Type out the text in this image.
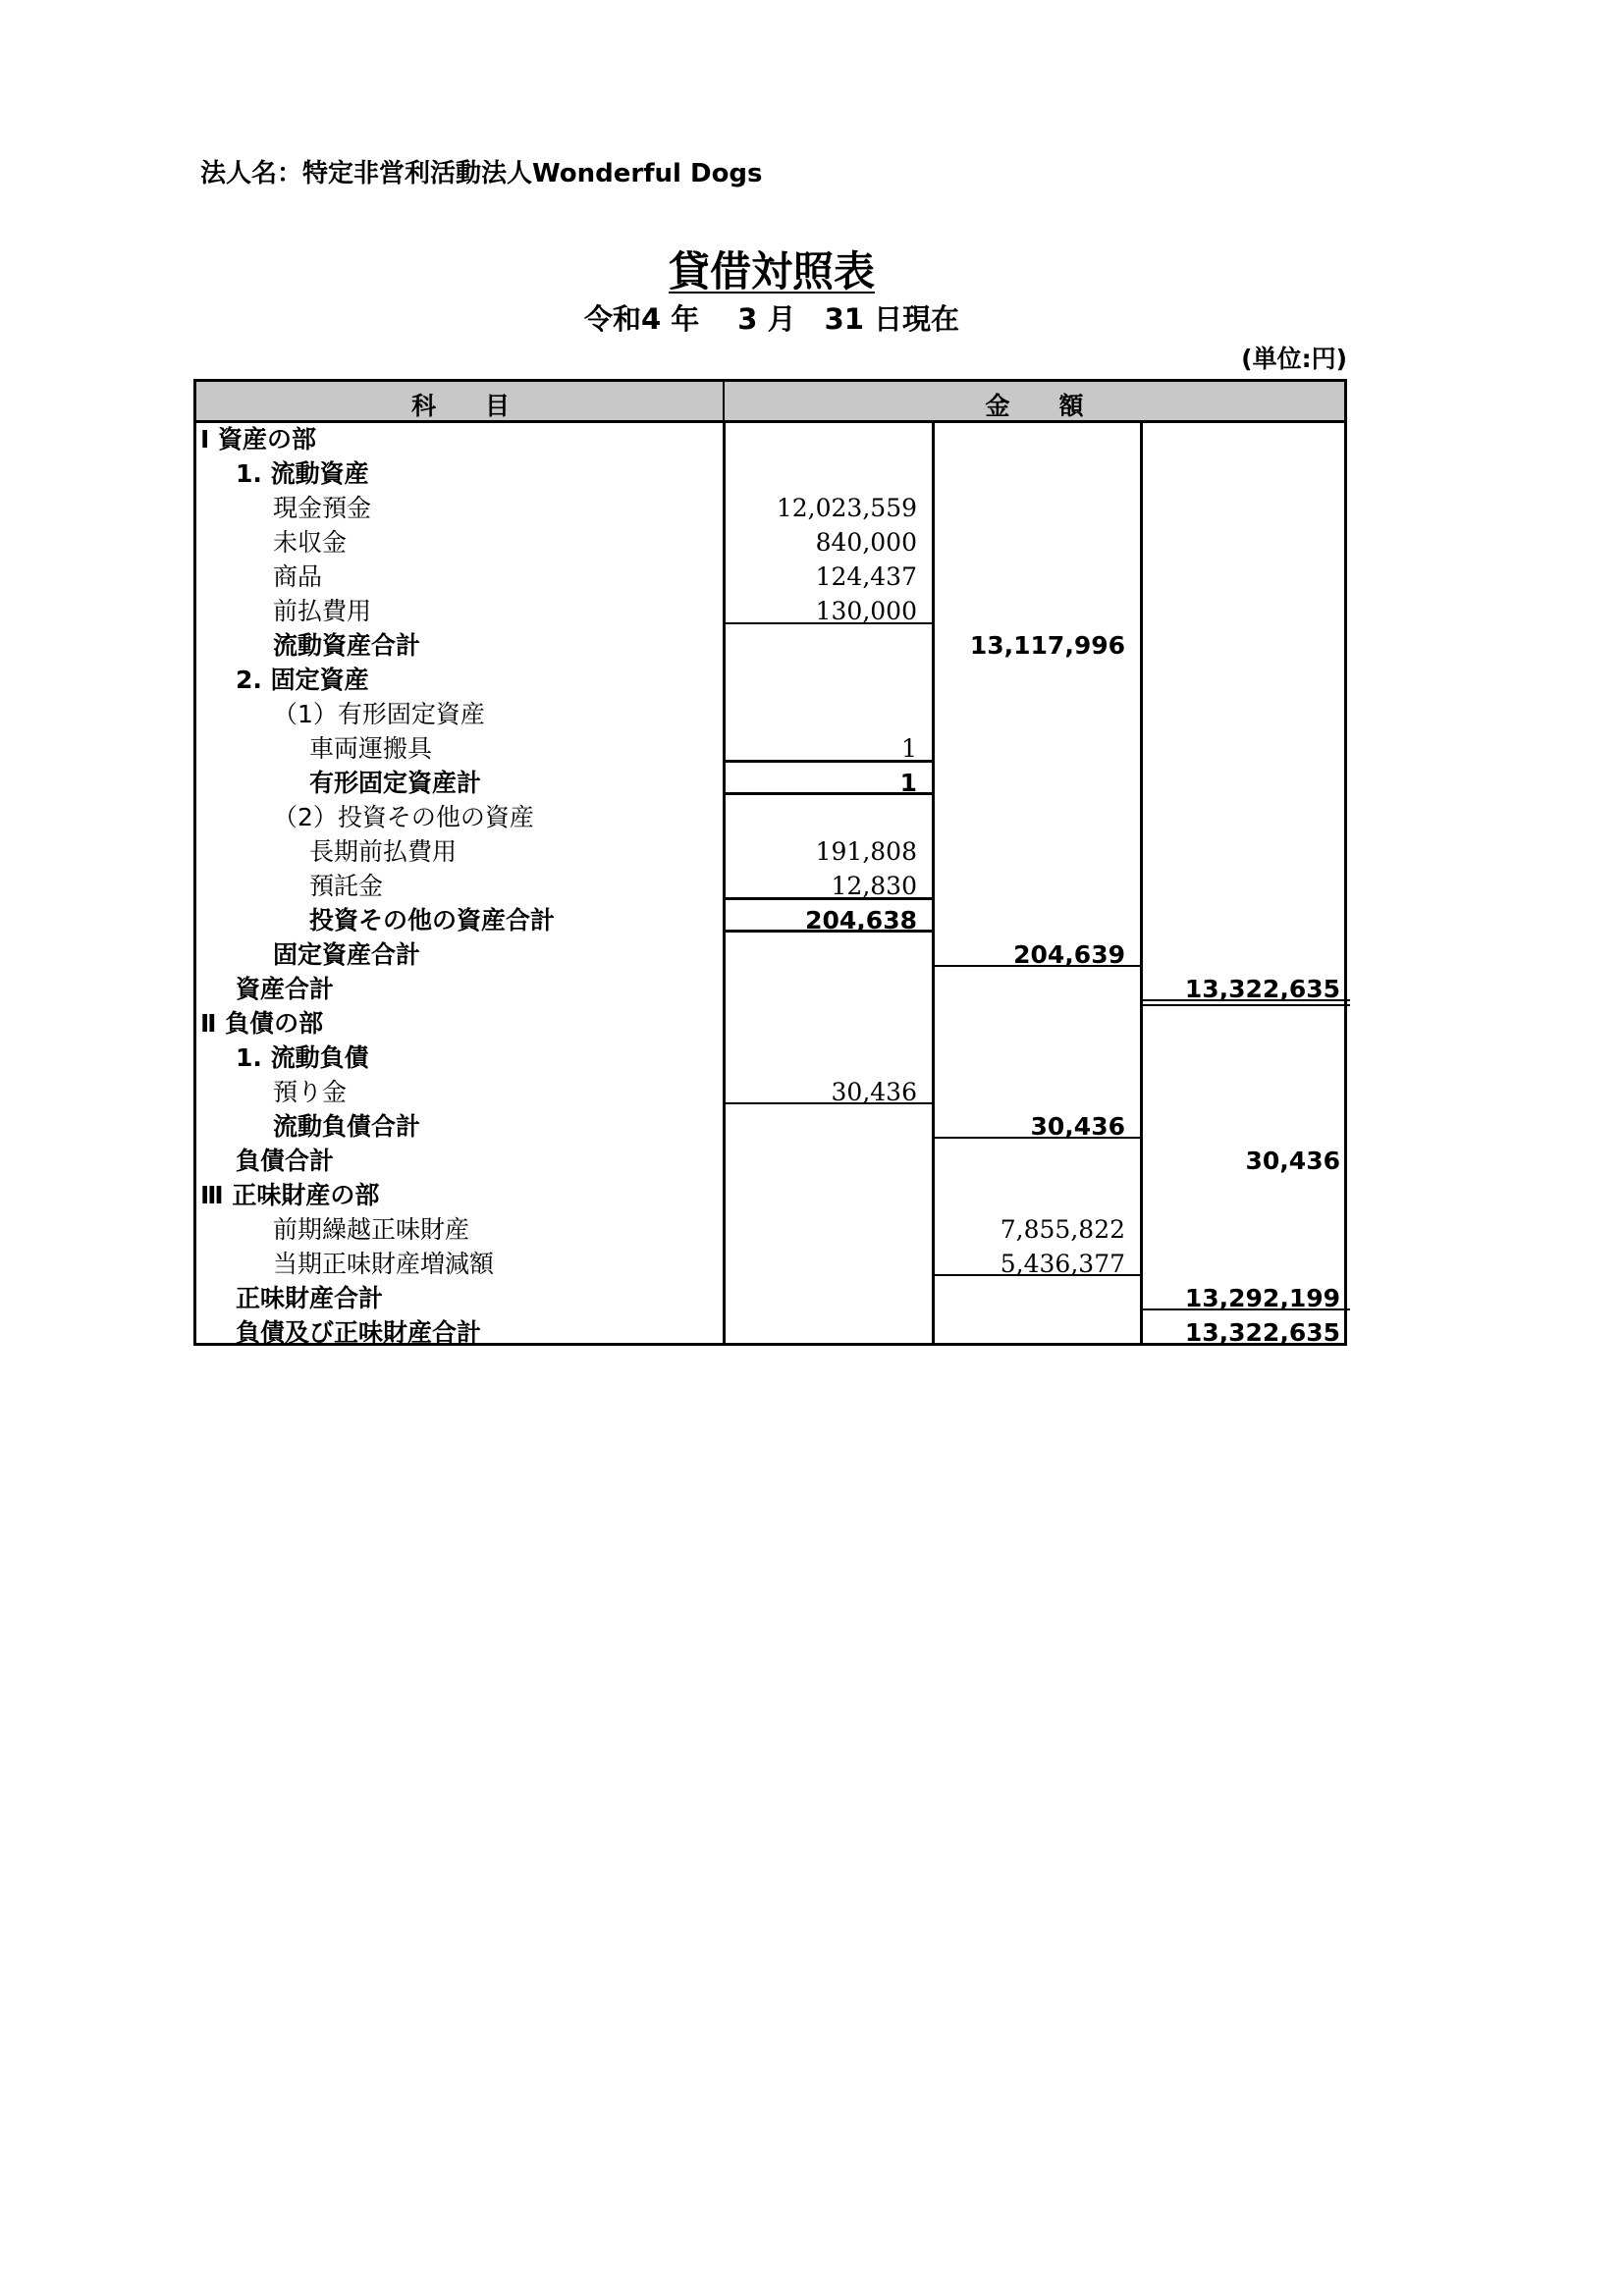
法人名：特定非営利活動法人Wonderful Dogs
貸借対照表
令和4 年　 3 月　31 日現在
(単位:円)
科　　目	金　　額
Ⅰ 資産の部
1. 流動資産
現金預金	12,023,559
未収金	840,000
商品	124,437
前払費用	130,000
流動資産合計	13,117,996
2. 固定資産
（1）有形固定資産
車両運搬具	1
有形固定資産計	1
（2）投資その他の資産
長期前払費用	191,808
預託金	12,830
投資その他の資産合計	204,638
固定資産合計	204,639
資産合計	13,322,635
Ⅱ 負債の部
1. 流動負債
預り金	30,436
流動負債合計	30,436
負債合計	30,436
Ⅲ 正味財産の部
前期繰越正味財産	7,855,822
当期正味財産増減額	5,436,377
正味財産合計	13,292,199
負債及び正味財産合計	13,322,635
